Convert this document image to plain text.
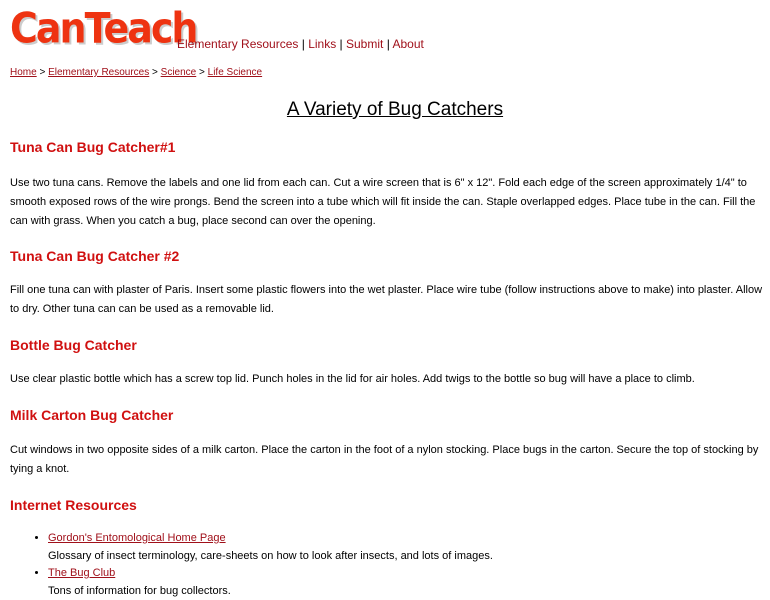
CanTeach
Elementary Resources | Links | Submit | About
Home > Elementary Resources > Science > Life Science
A Variety of Bug Catchers
Tuna Can Bug Catcher#1

Use two tuna cans. Remove the labels and one lid from each can. Cut a wire screen that is 6" x 12". Fold each edge of the screen approximately 1/4" to smooth exposed rows of the wire prongs. Bend the screen into a tube which will fit inside the can. Staple overlapped edges. Place tube in the can. Fill the can with grass. When you catch a bug, place second can over the opening.

Tuna Can Bug Catcher #2

Fill one tuna can with plaster of Paris. Insert some plastic flowers into the wet plaster. Place wire tube (follow instructions above to make) into plaster. Allow to dry. Other tuna can can be used as a removable lid.

Bottle Bug Catcher

Use clear plastic bottle which has a screw top lid. Punch holes in the lid for air holes. Add twigs to the bottle so bug will have a place to climb.

Milk Carton Bug Catcher

Cut windows in two opposite sides of a milk carton. Place the carton in the foot of a nylon stocking. Place bugs in the carton. Secure the top of stocking by tying a knot.

Internet Resources
• Gordon's Entomological Home Page
Glossary of insect terminology, care-sheets on how to look after insects, and lots of images.
• The Bug Club
Tons of information for bug collectors.
